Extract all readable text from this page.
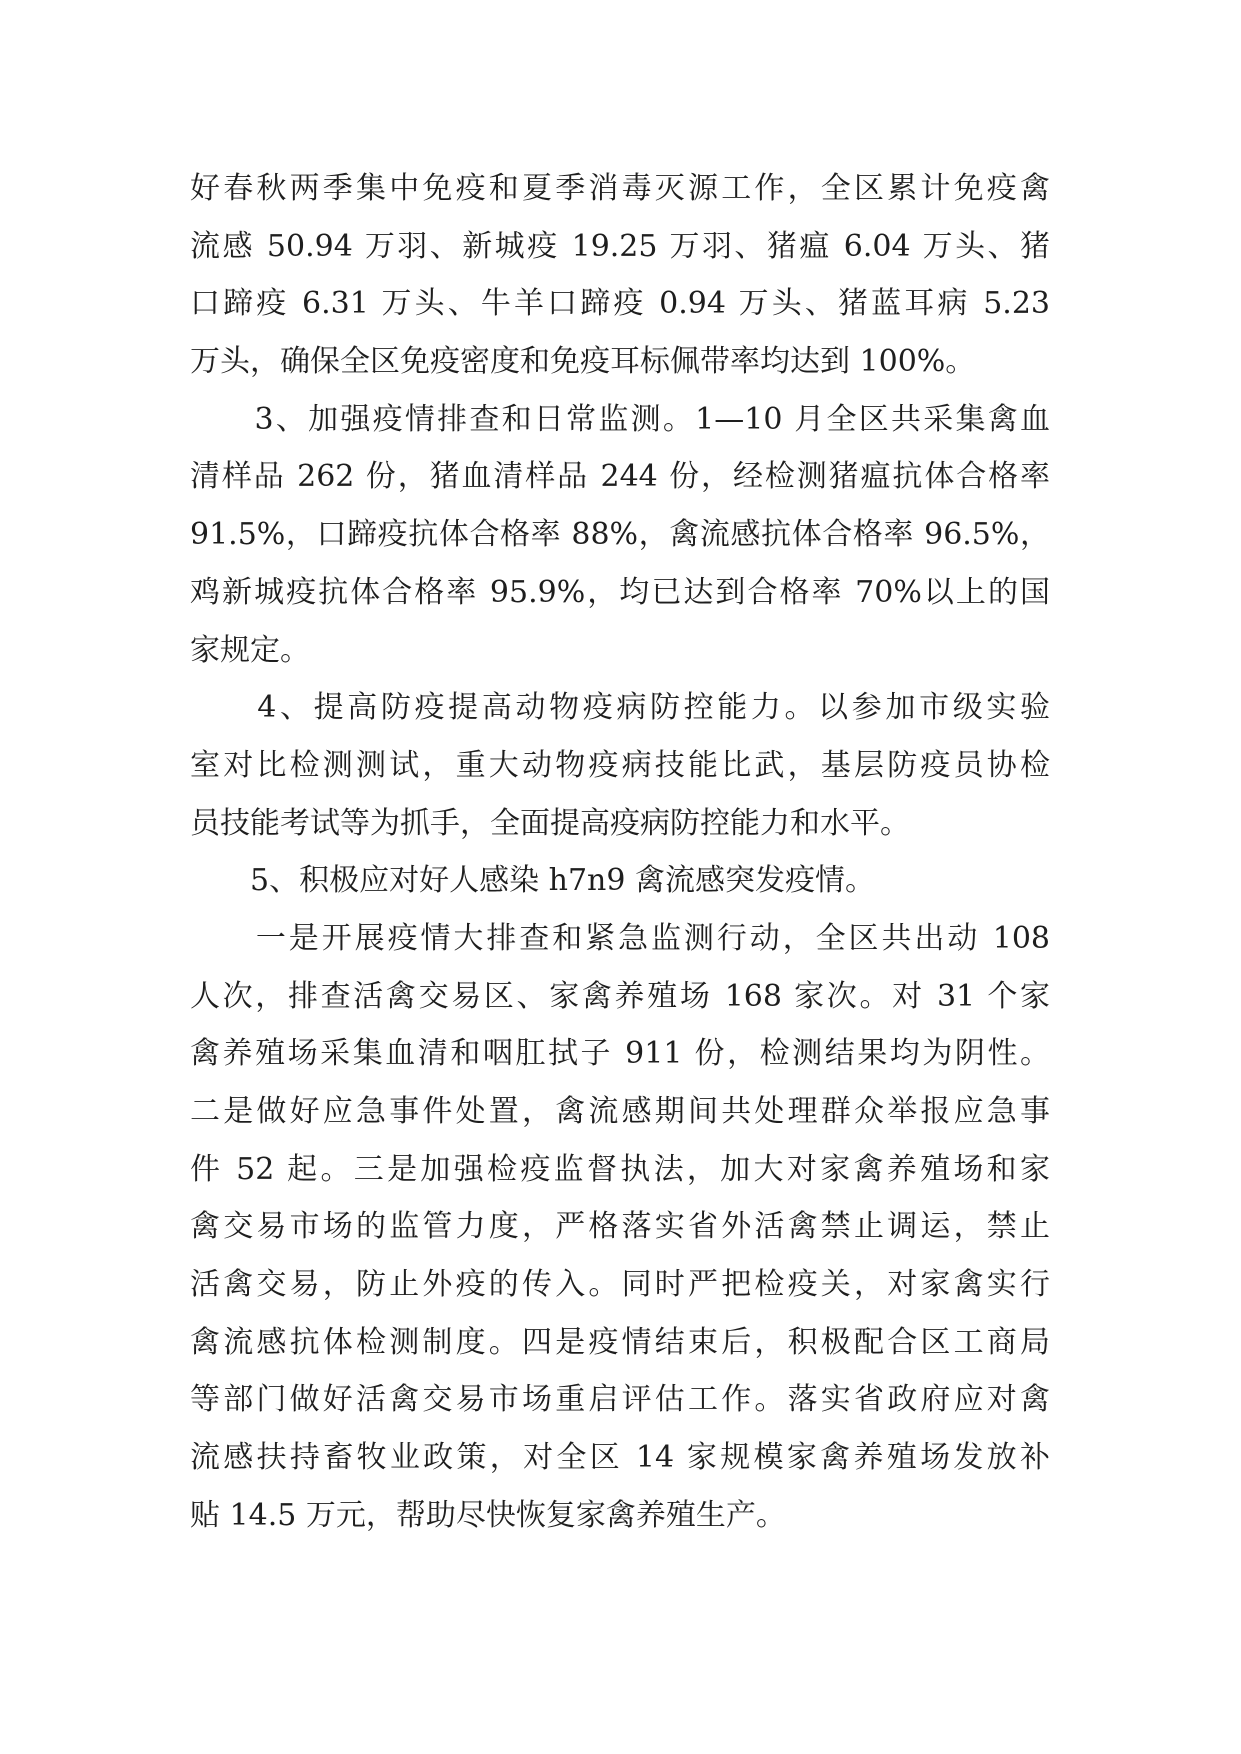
好春秋两季集中免疫和夏季消毒灭源工作，全区累计免疫禽
流感 50.94 万羽、新城疫 19.25 万羽、猪瘟 6.04 万头、猪
口蹄疫 6.31 万头、牛羊口蹄疫 0.94 万头、猪蓝耳病 5.23
万头，确保全区免疫密度和免疫耳标佩带率均达到 100%。
　　3、加强疫情排查和日常监测。1—10 月全区共采集禽血
清样品 262 份，猪血清样品 244 份，经检测猪瘟抗体合格率
91.5%，口蹄疫抗体合格率 88%，禽流感抗体合格率 96.5%，
鸡新城疫抗体合格率 95.9%，均已达到合格率 70%以上的国
家规定。
　　4、提高防疫提高动物疫病防控能力。以参加市级实验
室对比检测测试，重大动物疫病技能比武，基层防疫员协检
员技能考试等为抓手，全面提高疫病防控能力和水平。
　　5、积极应对好人感染 h7n9 禽流感突发疫情。
　　一是开展疫情大排查和紧急监测行动，全区共出动 108
人次，排查活禽交易区、家禽养殖场 168 家次。对 31 个家
禽养殖场采集血清和咽肛拭子 911 份，检测结果均为阴性。
二是做好应急事件处置，禽流感期间共处理群众举报应急事
件 52 起。三是加强检疫监督执法，加大对家禽养殖场和家
禽交易市场的监管力度，严格落实省外活禽禁止调运，禁止
活禽交易，防止外疫的传入。同时严把检疫关，对家禽实行
禽流感抗体检测制度。四是疫情结束后，积极配合区工商局
等部门做好活禽交易市场重启评估工作。落实省政府应对禽
流感扶持畜牧业政策，对全区 14 家规模家禽养殖场发放补
贴 14.5 万元，帮助尽快恢复家禽养殖生产。
